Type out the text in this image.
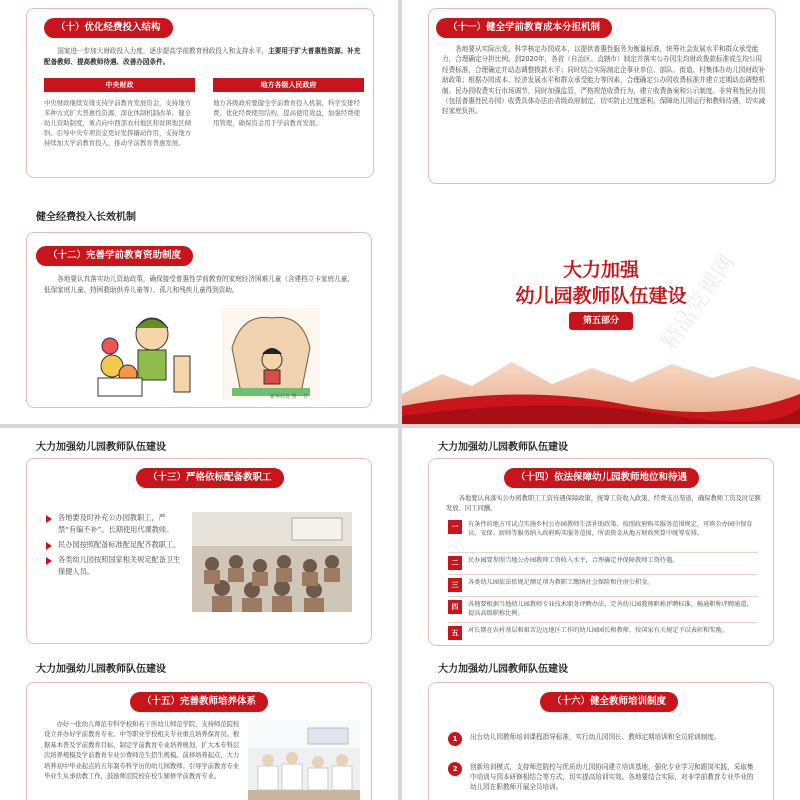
（十）优化经费投入结构
国家进一步加大财政投入力度，逐步提高学前教育财政投入和支持水平，主要用于扩大普惠性资源、补充配备教师、提高教师待遇、改善办园条件。
中央财政
中央财政继续安排支持学前教育发展资金，支持地方多种方式扩大普惠性资源，深化体制机制改革，健全幼儿资助制度，重点向中西部农村地区和贫困地区倾斜。引导中央专项资金更好发挥撬动作用，支持地方持续加大学前教育投入，推动学前教育普惠发展。
地方各级人民政府
地方各级政府要健全学前教育投入机制，科学安排经费，优化经费使用结构，提高使用效益，加强经费使用管理，确保资金用于学前教育发展。
（十一）健全学前教育成本分担机制
各地要从实际出发，科学核定办园成本，以提供普惠性服务为衡量标准，统筹社会发展水平和群众承受能力，合理确定分担比例。到2020年，各省（自治区、直辖市）制定并落实公办园生均财政拨款标准或生均公用经费标准，合理确定并动态调整拨款水平；同时结合实际制定企事业单位、部队、街道、村集体办幼儿园财政补助政策；根据办园成本、经济发展水平和群众承受能力等因素，合理确定公办园收费标准并建立定期动态调整机制。民办园收费实行市场调节，同时加强监管，严格规范收费行为，建立收费备案和公示制度。非营利性民办园（包括普惠性民办园）收费具体办法由省级政府制定，切实防止过度逐利，保障幼儿园运行和教师待遇，切实减轻家庭负担。
健全经费投入长效机制
（十二）完善学前教育资助制度
各地要认真落实幼儿资助政策，确保接受普惠性学前教育的家庭经济困难儿童（含建档立卡家庭儿童、低保家庭儿童、特困救助供养儿童等）、孤儿和残疾儿童得到资助。
新华社发 曹一 作
大力加强
幼儿园教师队伍建设
第五部分	精品党课网
大力加强幼儿园教师队伍建设
（十三）严格依标配备教职工
各地要及时补充公办园教职工，严禁“有编不补”、长期使用代课教师。
民办园按照配备标准配足配齐教职工。
各类幼儿园按照国家相关规定配备卫生保健人员。
大力加强幼儿园教师队伍建设
（十四）依法保障幼儿园教师地位和待遇
各地要认真落实公办园教职工工资待遇保障政策，统筹工资收入政策、经费支出渠道，确保教师工资及时足额发放、同工同酬。
一	有条件的地方可试点实施乡村公办园教师生活补助政策。按照政府购买服务范围规定，可将公办园中保育员、安保、厨师等服务纳入政府购买服务范围，所需资金从地方财政预算中统筹安排。
二	民办园要参照当地公办园教师工资收入水平，合理确定并保障教师工资待遇。
三	各类幼儿园依法依规足额足项为教职工缴纳社会保险和住房公积金。
四	各地要根据当地幼儿园教师专业技术职务评聘办法，完善幼儿园教师职称评聘标准，畅通职称评聘通道，提高高级职称比例。
五	对长期在农村基层和艰苦边远地区工作的幼儿园园长和教师，按国家有关规定予以表彰和奖励。
大力加强幼儿园教师队伍建设
（十五）完善教师培养体系
办好一批幼儿师范专科学校和若干所幼儿师范学院，支持师范院校设立并办好学前教育专业。中等职业学校相关专业重点培养保育员。根据基本普及学前教育目标，制定学前教育专业培养规划，扩大本专科层次培养规模及学前教育专业公费师范生招生规模。前移培养起点，大力培养初中毕业起点的五年制专科学历的幼儿园教师。引导学前教育专业毕业生从事幼教工作，鼓励师范院校在校生辅修学前教育专业。
大力加强幼儿园教师队伍建设
（十六）健全教师培训制度
1	出台幼儿园教师培训课程指导标准，实行幼儿园园长、教师定期培训和全员轮训制度。
2	创新培训模式，支持师范院校与优质幼儿园协同建立培训基地，强化专业学习和跟岗实践，采取集中培训与园本研修相结合等方式，切实提高培训实效。各地要结合实际，对非学前教育专业毕业的幼儿园在职教师开展全员培训。
